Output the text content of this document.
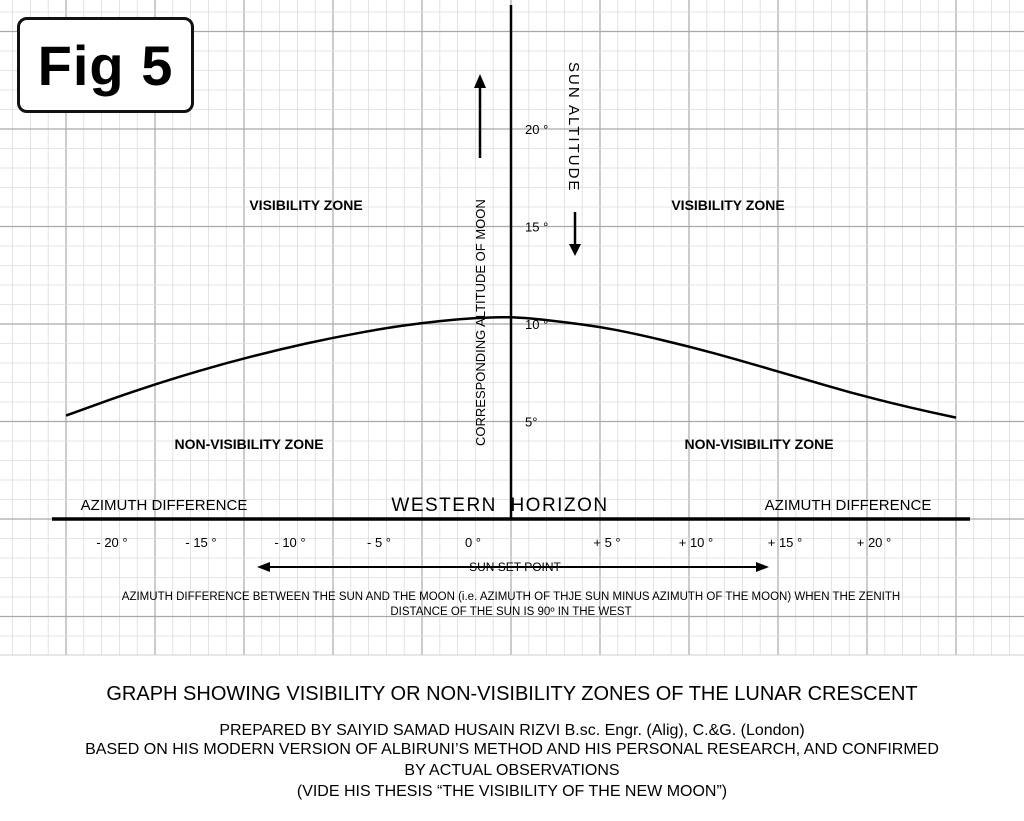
CORRESPONDING ALTITUDE OF MOON
SUN ALTITUDE
VISIBILITY ZONE	VISIBILITY ZONE
NON-VISIBILITY ZONE	NON-VISIBILITY ZONE
AZIMUTH DIFFERENCE	AZIMUTH DIFFERENCE
WESTERN  HORIZON
SUN SET POINT
AZIMUTH DIFFERENCE BETWEEN THE SUN AND THE MOON (i.e. AZIMUTH OF THJE SUN MINUS AZIMUTH OF THE MOON) WHEN THE ZENITH
DISTANCE OF THE SUN IS 90º IN THE WEST
- 20 °	- 15 °	- 10 °	- 5 °	0 °	+ 5 °	+ 10 °	+ 15 °	+ 20 °
5°
10 °
15 °
20 °
Fig 5
GRAPH SHOWING VISIBILITY OR NON-VISIBILITY ZONES OF THE LUNAR CRESCENT
PREPARED BY SAIYID SAMAD HUSAIN RIZVI B.sc. Engr. (Alig), C.&G. (London)
BASED ON HIS MODERN VERSION OF ALBIRUNI’S METHOD AND HIS PERSONAL RESEARCH, AND CONFIRMED
BY ACTUAL OBSERVATIONS
(VIDE HIS THESIS “THE VISIBILITY OF THE NEW MOON”)
